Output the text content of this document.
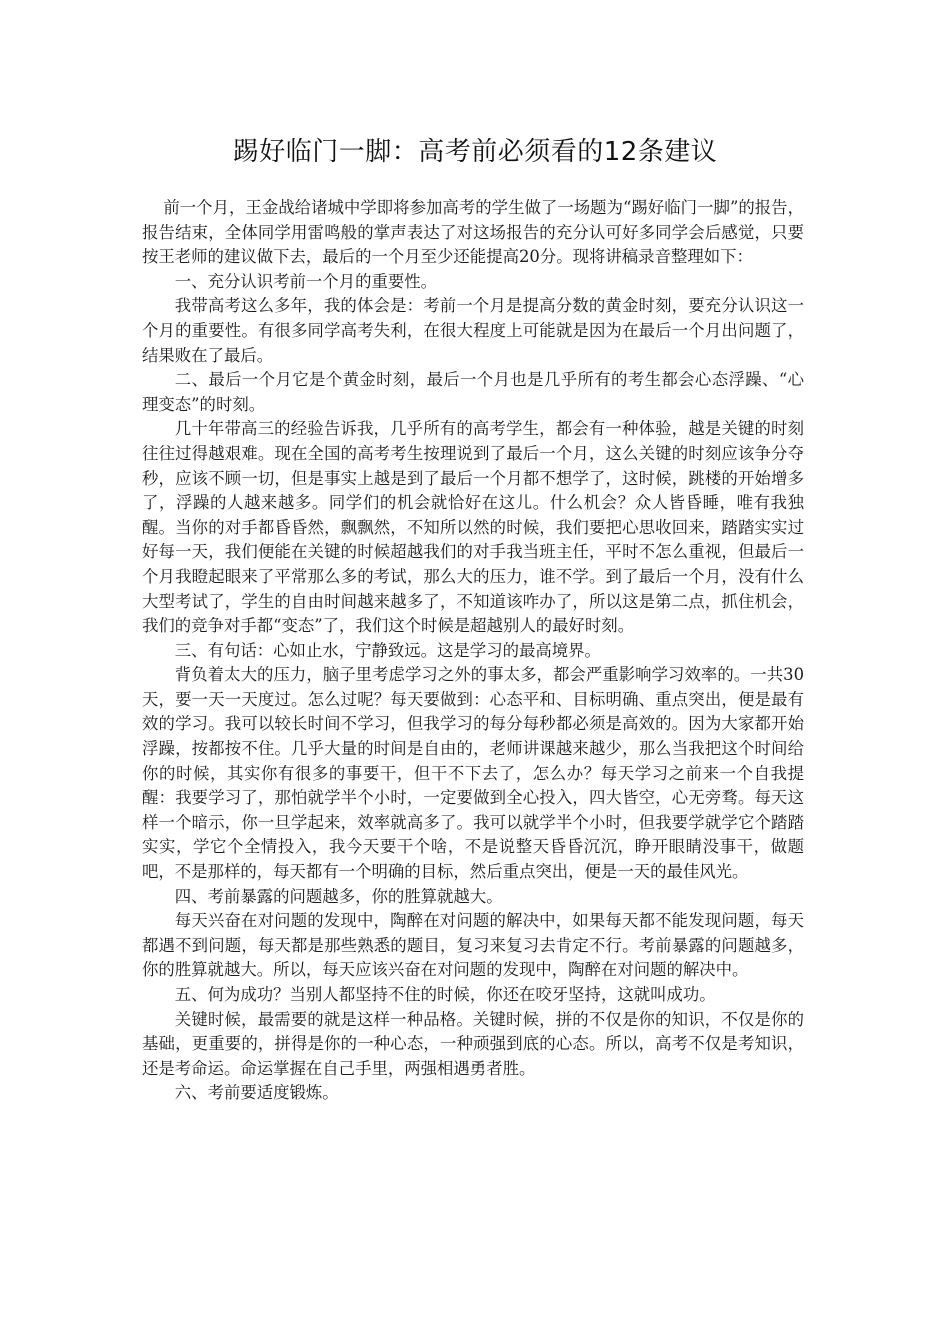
踢好临门一脚：高考前必须看的12条建议

前一个月，王金战给诸城中学即将参加高考的学生做了一场题为“踢好临门一脚”的报告，报告结束，全体同学用雷鸣般的掌声表达了对这场报告的充分认可好多同学会后感觉，只要按王老师的建议做下去，最后的一个月至少还能提高20分。现将讲稿录音整理如下：

一、充分认识考前一个月的重要性。

我带高考这么多年，我的体会是：考前一个月是提高分数的黄金时刻，要充分认识这一个月的重要性。有很多同学高考失利，在很大程度上可能就是因为在最后一个月出问题了，结果败在了最后。

二、最后一个月它是个黄金时刻，最后一个月也是几乎所有的考生都会心态浮躁、“心理变态”的时刻。

几十年带高三的经验告诉我，几乎所有的高考学生，都会有一种体验，越是关键的时刻往往过得越艰难。现在全国的高考考生按理说到了最后一个月，这么关键的时刻应该争分夺秒，应该不顾一切，但是事实上越是到了最后一个月都不想学了，这时候，跳楼的开始增多了，浮躁的人越来越多。同学们的机会就恰好在这儿。什么机会？众人皆昏睡，唯有我独醒。当你的对手都昏昏然，飘飘然，不知所以然的时候，我们要把心思收回来，踏踏实实过好每一天，我们便能在关键的时候超越我们的对手我当班主任，平时不怎么重视，但最后一个月我瞪起眼来了平常那么多的考试，那么大的压力，谁不学。到了最后一个月，没有什么大型考试了，学生的自由时间越来越多了，不知道该咋办了，所以这是第二点，抓住机会，我们的竞争对手都“变态”了，我们这个时候是超越别人的最好时刻。

三、有句话：心如止水，宁静致远。这是学习的最高境界。

背负着太大的压力，脑子里考虑学习之外的事太多，都会严重影响学习效率的。一共30天，要一天一天度过。怎么过呢？每天要做到：心态平和、目标明确、重点突出，便是最有效的学习。我可以较长时间不学习，但我学习的每分每秒都必须是高效的。因为大家都开始浮躁，按都按不住。几乎大量的时间是自由的，老师讲课越来越少，那么当我把这个时间给你的时候，其实你有很多的事要干，但干不下去了，怎么办？每天学习之前来一个自我提醒：我要学习了，那怕就学半个小时，一定要做到全心投入，四大皆空，心无旁骛。每天这样一个暗示，你一旦学起来，效率就高多了。我可以就学半个小时，但我要学就学它个踏踏实实，学它个全情投入，我今天要干个啥，不是说整天昏昏沉沉，睁开眼睛没事干，做题吧，不是那样的，每天都有一个明确的目标，然后重点突出，便是一天的最佳风光。

四、考前暴露的问题越多，你的胜算就越大。

每天兴奋在对问题的发现中，陶醉在对问题的解决中，如果每天都不能发现问题，每天都遇不到问题，每天都是那些熟悉的题目，复习来复习去肯定不行。考前暴露的问题越多，你的胜算就越大。所以，每天应该兴奋在对问题的发现中，陶醉在对问题的解决中。

五、何为成功？当别人都坚持不住的时候，你还在咬牙坚持，这就叫成功。

关键时候，最需要的就是这样一种品格。关键时候，拼的不仅是你的知识，不仅是你的基础，更重要的，拼得是你的一种心态，一种顽强到底的心态。所以，高考不仅是考知识，还是考命运。命运掌握在自己手里，两强相遇勇者胜。

六、考前要适度锻炼。
